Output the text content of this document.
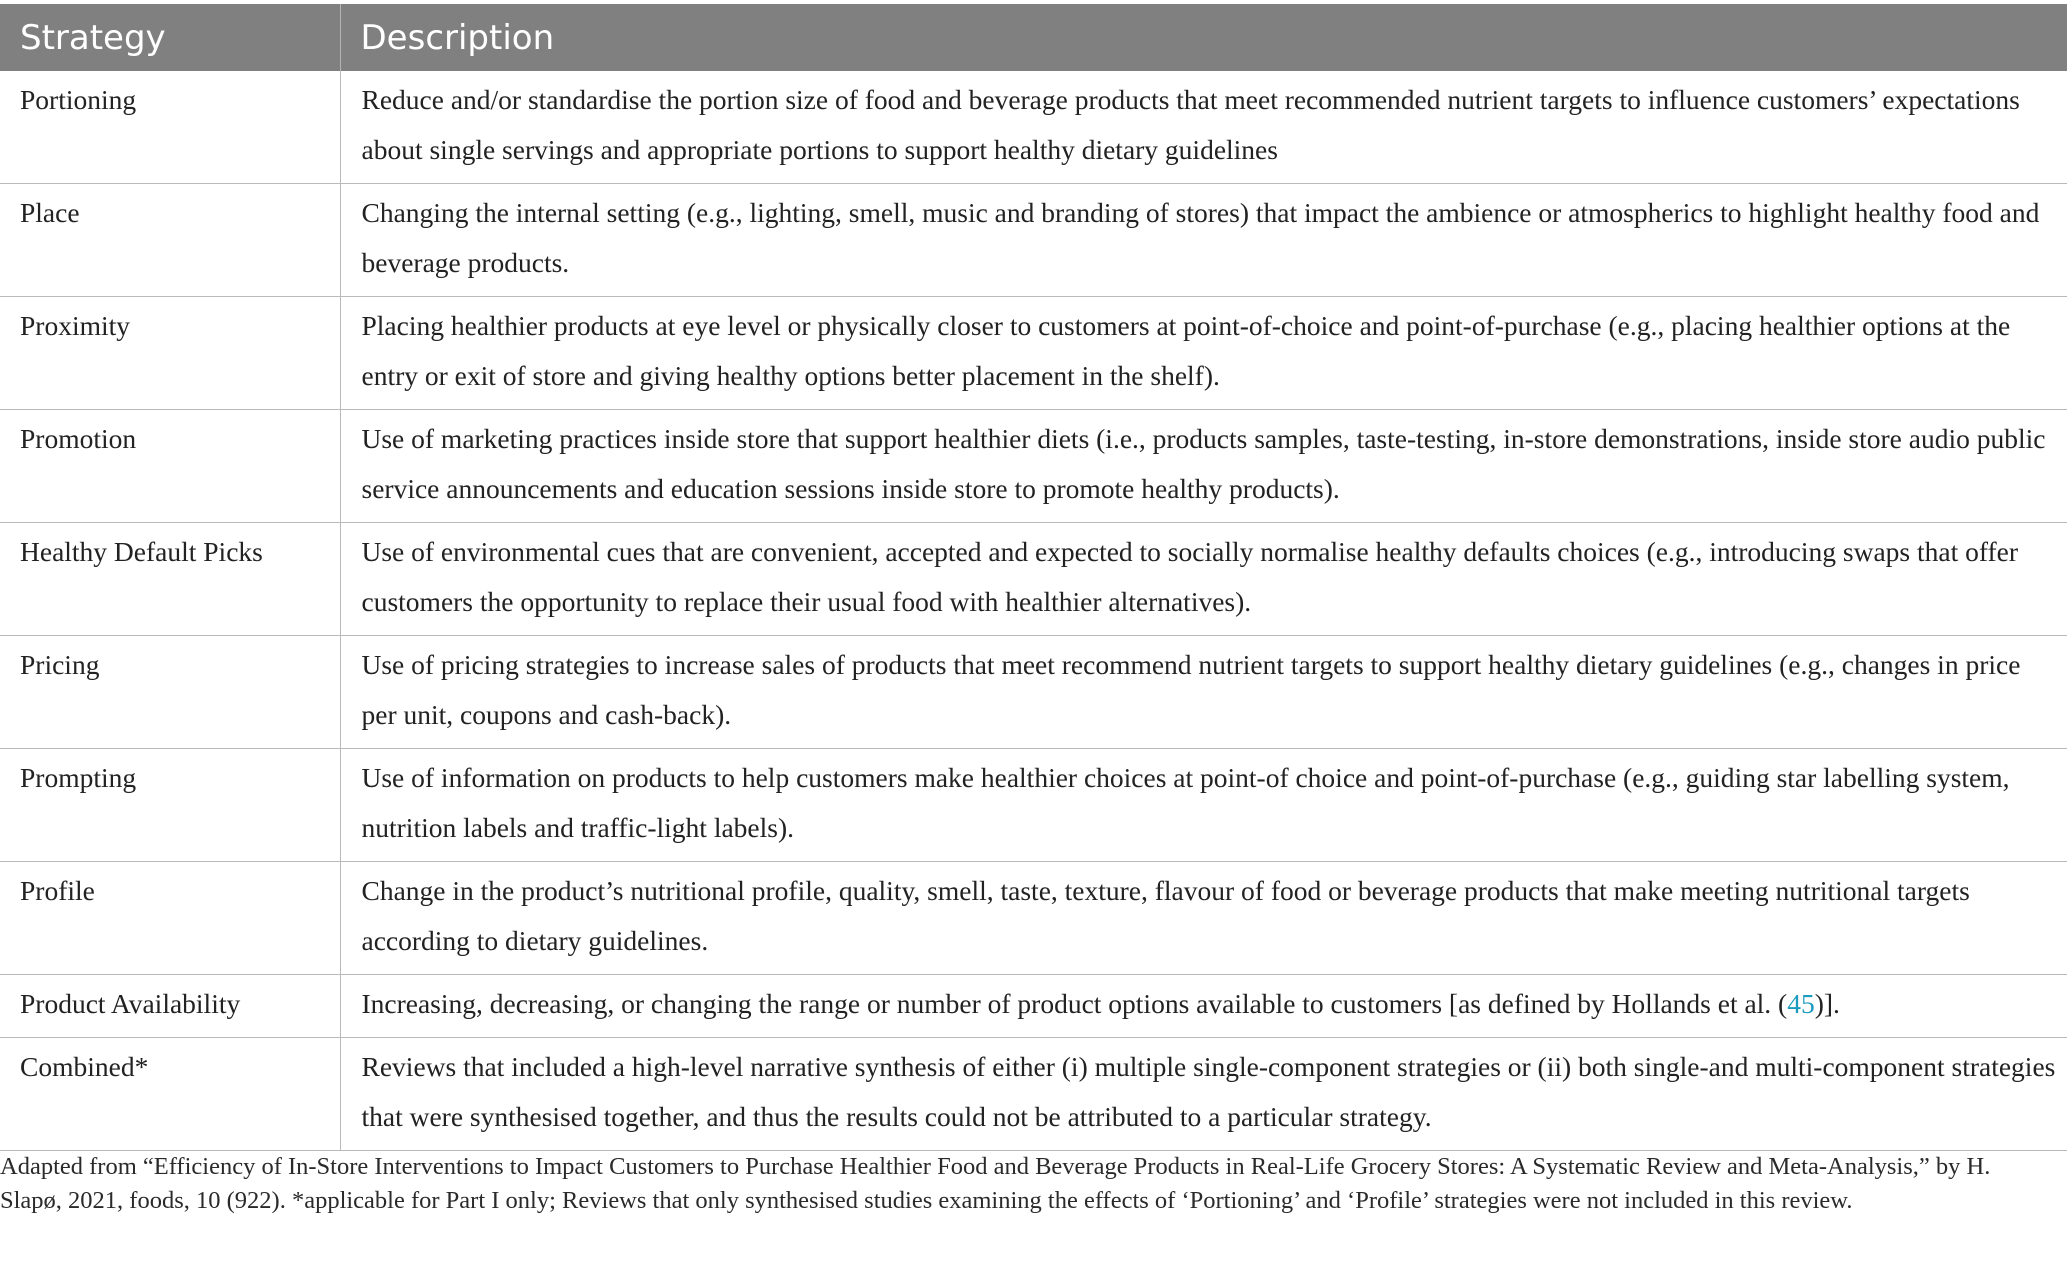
Strategy	Description
Portioning	Reduce and/or standardise the portion size of food and beverage products that meet recommended nutrient targets to influence customers’ expectations about single servings and appropriate portions to support healthy dietary guidelines
Place	Changing the internal setting (e.g., lighting, smell, music and branding of stores) that impact the ambience or atmospherics to highlight healthy food and beverage products.
Proximity	Placing healthier products at eye level or physically closer to customers at point-of-choice and point-of-purchase (e.g., placing healthier options at the entry or exit of store and giving healthy options better placement in the shelf).
Promotion	Use of marketing practices inside store that support healthier diets (i.e., products samples, taste-testing, in-store demonstrations, inside store audio public service announcements and education sessions inside store to promote healthy products).
Healthy Default Picks	Use of environmental cues that are convenient, accepted and expected to socially normalise healthy defaults choices (e.g., introducing swaps that offer customers the opportunity to replace their usual food with healthier alternatives).
Pricing	Use of pricing strategies to increase sales of products that meet recommend nutrient targets to support healthy dietary guidelines (e.g., changes in price per unit, coupons and cash-back).
Prompting	Use of information on products to help customers make healthier choices at point-of choice and point-of-purchase (e.g., guiding star labelling system, nutrition labels and traffic-light labels).
Profile	Change in the product’s nutritional profile, quality, smell, taste, texture, flavour of food or beverage products that make meeting nutritional targets according to dietary guidelines.
Product Availability	Increasing, decreasing, or changing the range or number of product options available to customers [as defined by Hollands et al. (45)].
Combined*	Reviews that included a high-level narrative synthesis of either (i) multiple single-component strategies or (ii) both single-and multi-component strategies that were synthesised together, and thus the results could not be attributed to a particular strategy.
Adapted from “Efficiency of In-Store Interventions to Impact Customers to Purchase Healthier Food and Beverage Products in Real-Life Grocery Stores: A Systematic Review and Meta-Analysis,” by H. Slapø, 2021, foods, 10 (922). *applicable for Part I only; Reviews that only synthesised studies examining the effects of ‘Portioning’ and ‘Profile’ strategies were not included in this review.
